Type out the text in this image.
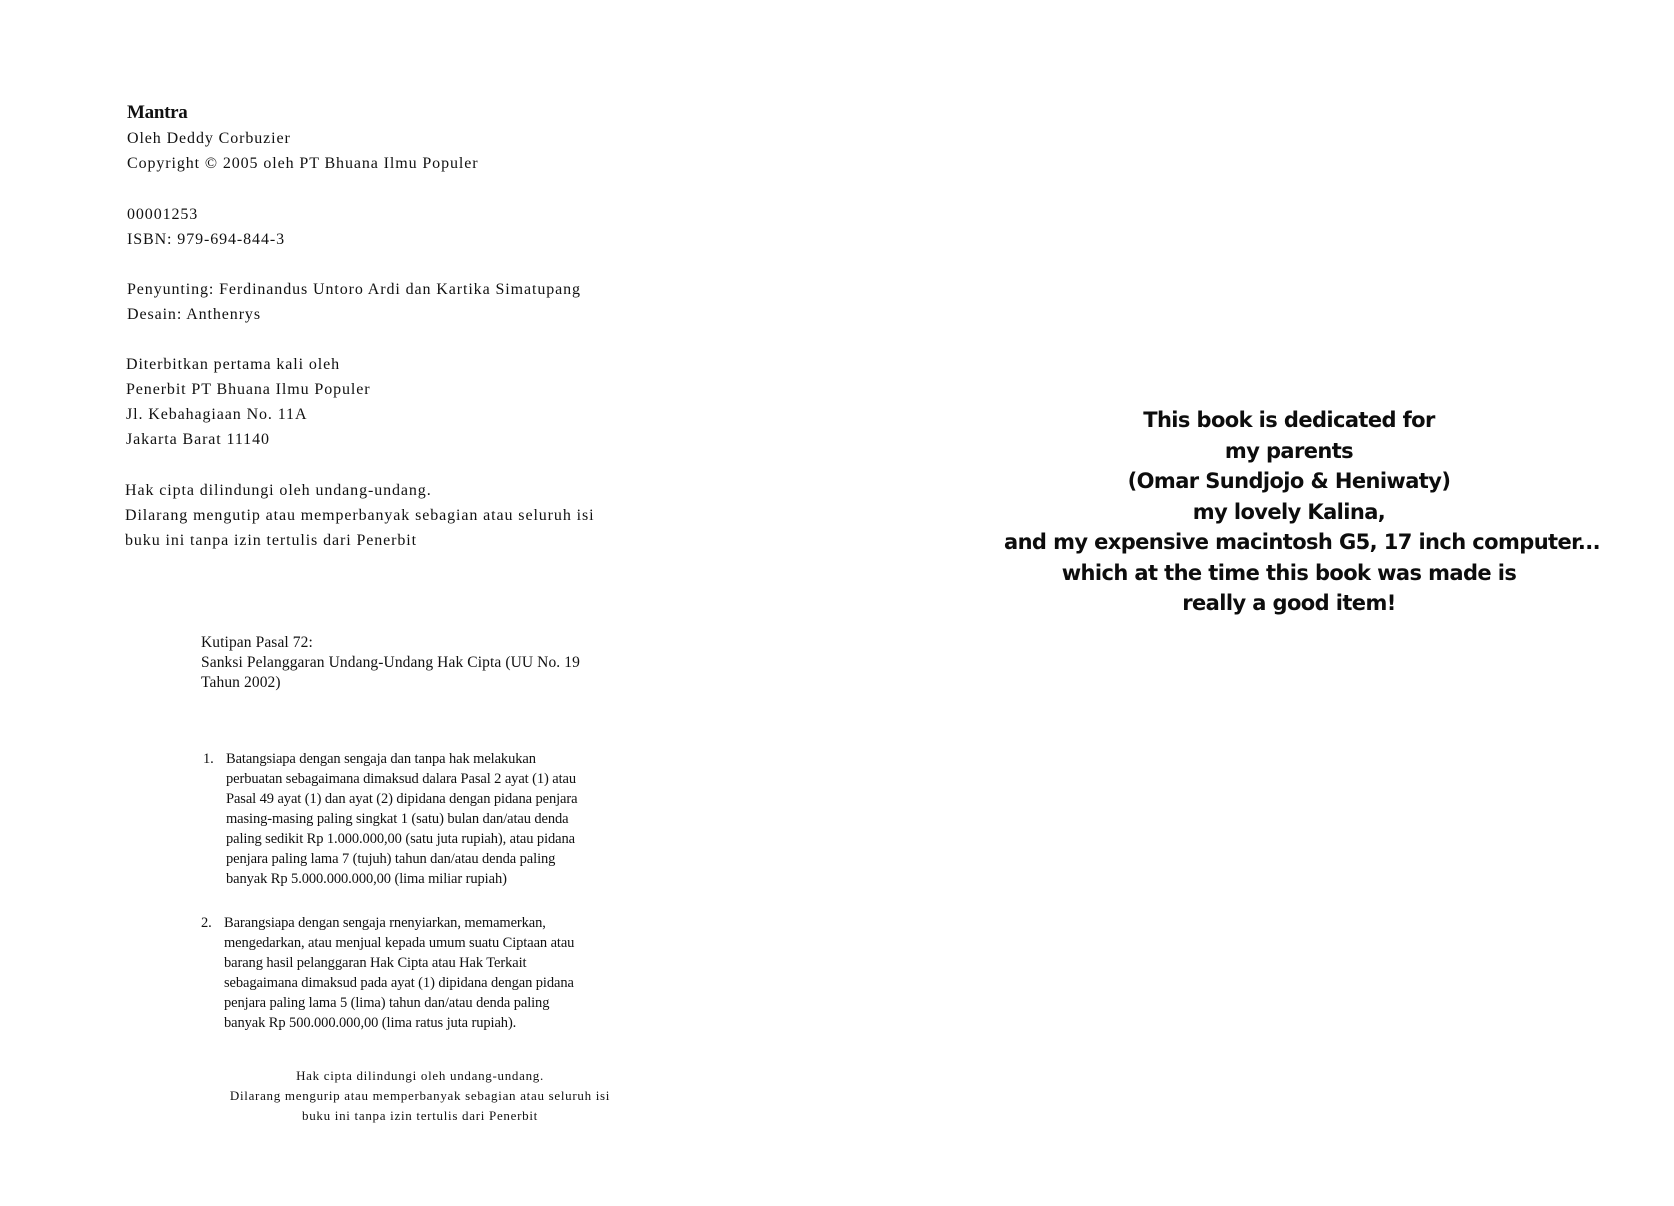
Mantra
Oleh Deddy Corbuzier
Copyright © 2005 oleh PT Bhuana Ilmu Populer
00001253
ISBN: 979-694-844-3
Penyunting: Ferdinandus Untoro Ardi dan Kartika Simatupang
Desain: Anthenrys
Diterbitkan pertama kali oleh
Penerbit PT Bhuana Ilmu Populer
Jl. Kebahagiaan No. 11A
Jakarta Barat 11140
Hak cipta dilindungi oleh undang-undang.
Dilarang mengutip atau memperbanyak sebagian atau seluruh isi
buku ini tanpa izin tertulis dari Penerbit
Kutipan Pasal 72:
Sanksi Pelanggaran Undang-Undang Hak Cipta (UU No. 19
Tahun 2002)
1. Batangsiapa dengan sengaja dan tanpa hak melakukan
perbuatan sebagaimana dimaksud dalara Pasal 2 ayat (1) atau
Pasal 49 ayat (1) dan ayat (2) dipidana dengan pidana penjara
masing-masing paling singkat 1 (satu) bulan dan/atau denda
paling sedikit Rp 1.000.000,00 (satu juta rupiah), atau pidana
penjara paling lama 7 (tujuh) tahun dan/atau denda paling
banyak Rp 5.000.000.000,00 (lima miliar rupiah)
2. Barangsiapa dengan sengaja rnenyiarkan, memamerkan,
mengedarkan, atau menjual kepada umum suatu Ciptaan atau
barang hasil pelanggaran Hak Cipta atau Hak Terkait
sebagaimana dimaksud pada ayat (1) dipidana dengan pidana
penjara paling lama 5 (lima) tahun dan/atau denda paling
banyak Rp 500.000.000,00 (lima ratus juta rupiah).
Hak cipta dilindungi oleh undang-undang.
Dilarang mengurip atau memperbanyak sebagian atau seluruh isi
buku ini tanpa izin tertulis dari Penerbit
This book is dedicated for
my parents
(Omar Sundjojo & Heniwaty)
my lovely Kalina,
and my expensive macintosh G5, 17 inch computer...
which at the time this book was made is
really a good item!
